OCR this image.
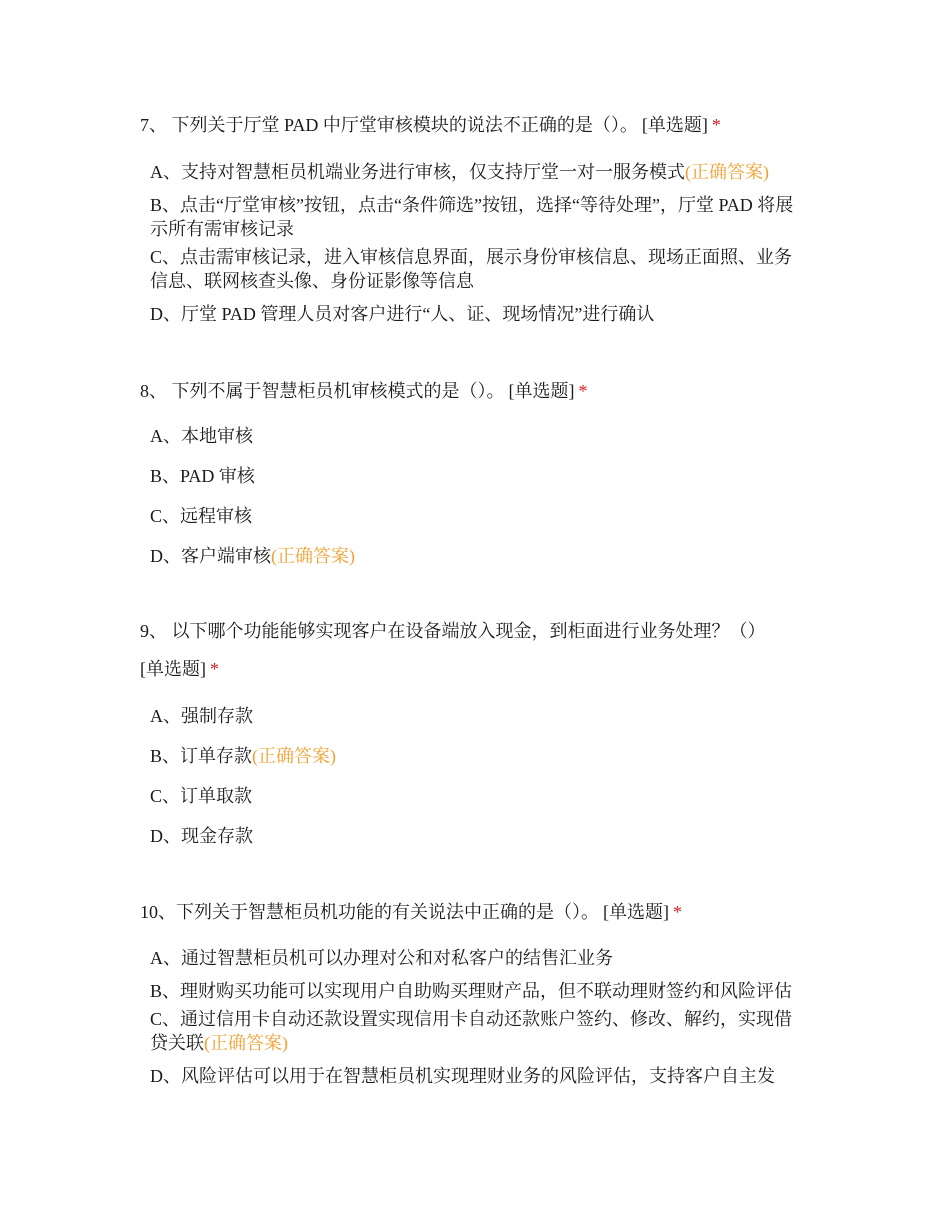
7、 下列关于厅堂 PAD 中厅堂审核模块的说法不正确的是（）。 [单选题] *

A、支持对智慧柜员机端业务进行审核，仅支持厅堂一对一服务模式(正确答案)

B、点击“厅堂审核”按钮，点击“条件筛选”按钮，选择“等待处理”，厅堂 PAD 将展示所有需审核记录

C、点击需审核记录，进入审核信息界面，展示身份审核信息、现场正面照、业务信息、联网核查头像、身份证影像等信息

D、厅堂 PAD 管理人员对客户进行“人、证、现场情况”进行确认

8、 下列不属于智慧柜员机审核模式的是（）。 [单选题] *

A、本地审核

B、PAD 审核

C、远程审核

D、客户端审核(正确答案)

9、 以下哪个功能能够实现客户在设备端放入现金，到柜面进行业务处理？（）
[单选题] *

A、强制存款

B、订单存款(正确答案)

C、订单取款

D、现金存款

10、下列关于智慧柜员机功能的有关说法中正确的是（）。 [单选题] *

A、通过智慧柜员机可以办理对公和对私客户的结售汇业务

B、理财购买功能可以实现用户自助购买理财产品，但不联动理财签约和风险评估

C、通过信用卡自动还款设置实现信用卡自动还款账户签约、修改、解约，实现借贷关联(正确答案)

D、风险评估可以用于在智慧柜员机实现理财业务的风险评估，支持客户自主发
